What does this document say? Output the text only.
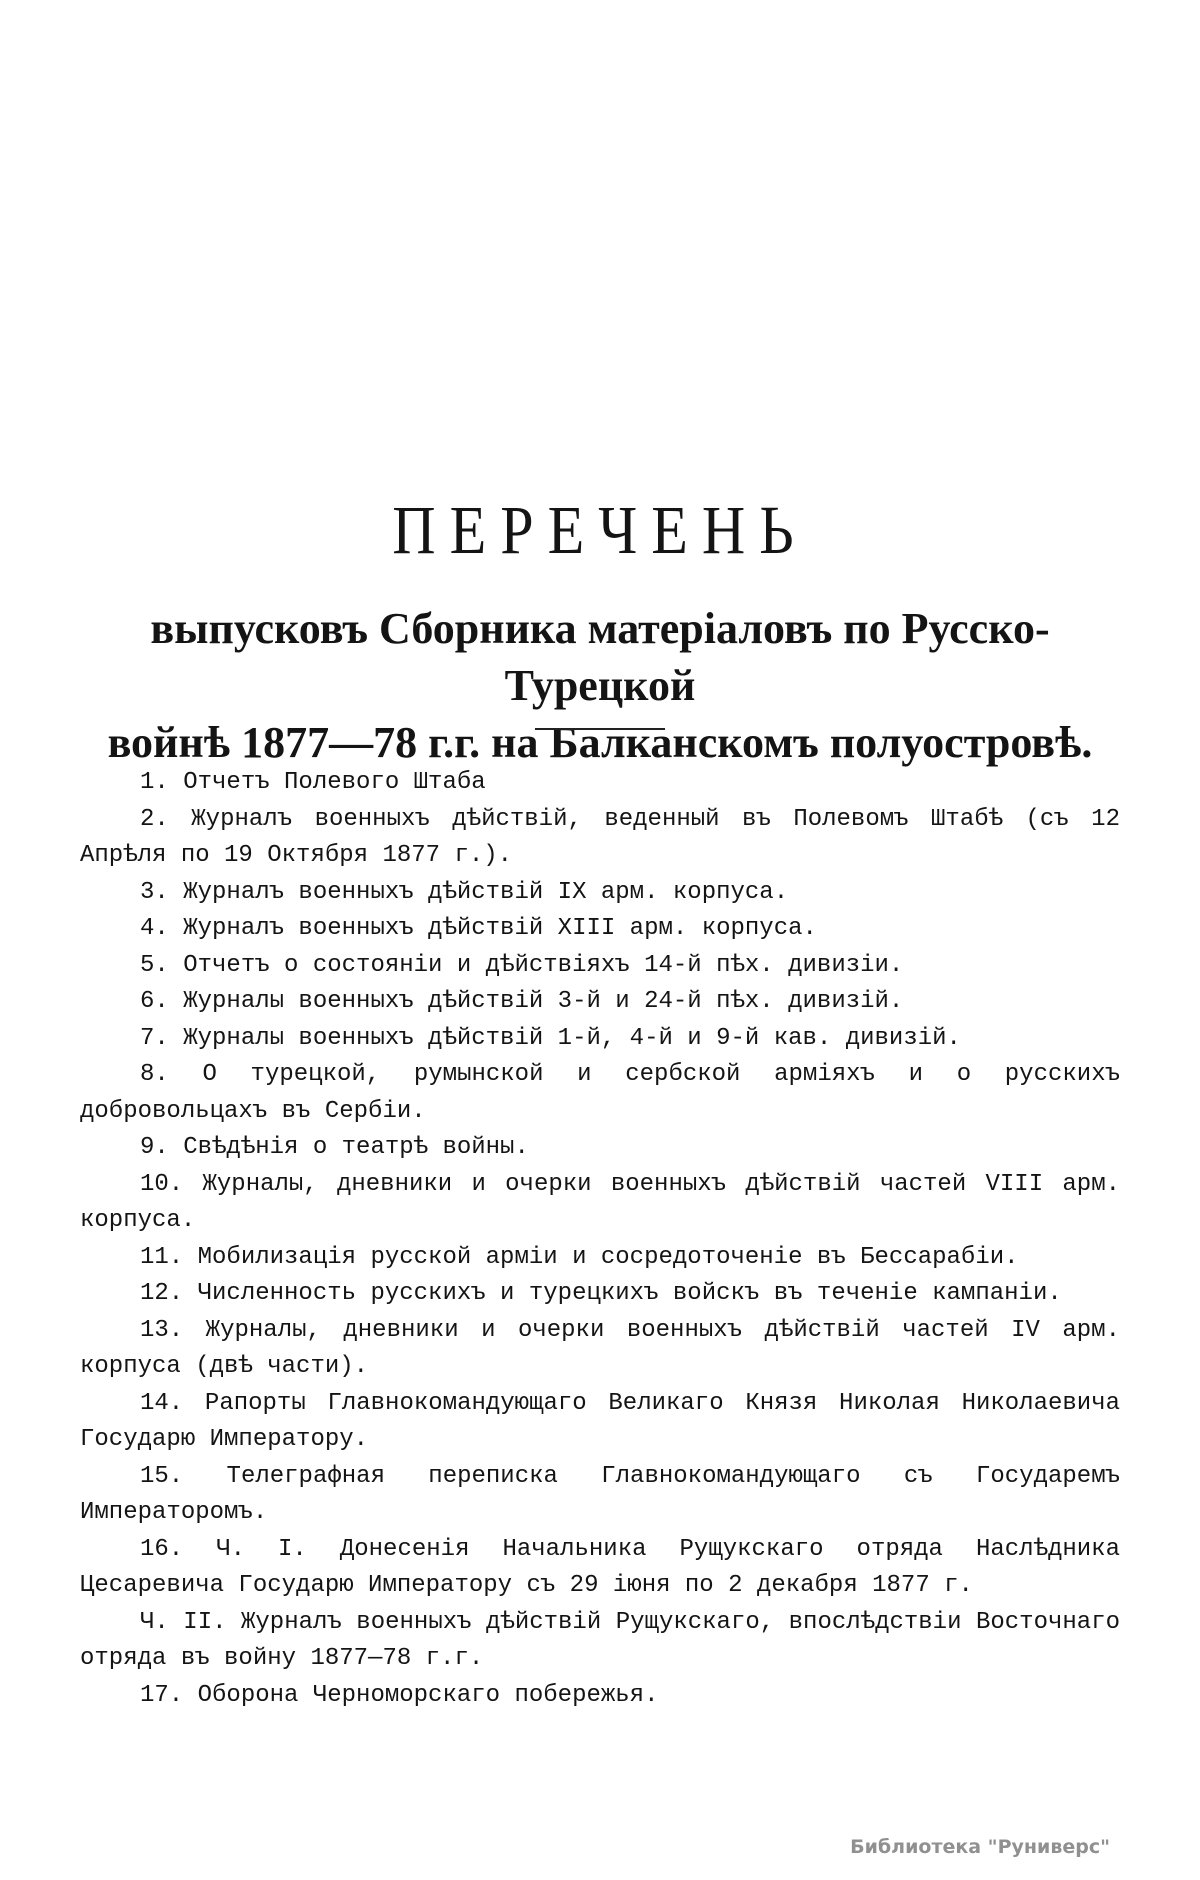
ПЕРЕЧЕНЬ
выпусковъ Сборника матеріаловъ по Русско-Турецкой
войнѣ 1877—78 г.г. на Балканскомъ полуостровѣ.
1. Отчетъ Полевого Штаба
2. Журналъ военныхъ дѣйствій, веденный въ Полевомъ Штабѣ (съ 12 Апрѣля по 19 Октября 1877 г.).
3. Журналъ военныхъ дѣйствій IX арм. корпуса.
4. Журналъ военныхъ дѣйствій XIII арм. корпуса.
5. Отчетъ о состояніи и дѣйствіяхъ 14-й пѣх. дивизіи.
6. Журналы военныхъ дѣйствій 3-й и 24-й пѣх. дивизій.
7. Журналы военныхъ дѣйствій 1-й, 4-й и 9-й кав. дивизій.
8. О турецкой, румынской и сербской арміяхъ и о русскихъ добровольцахъ въ Сербіи.
9. Свѣдѣнія о театрѣ войны.
10. Журналы, дневники и очерки военныхъ дѣйствій частей VIII арм. корпуса.
11. Мобилизація русской арміи и сосредоточеніе въ Бессарабіи.
12. Численность русскихъ и турецкихъ войскъ въ теченіе кампаніи.
13. Журналы, дневники и очерки военныхъ дѣйствій частей IV арм. корпуса (двѣ части).
14. Рапорты Главнокомандующаго Великаго Князя Николая Николаевича Государю Императору.
15. Телеграфная переписка Главнокомандующаго съ Государемъ Императоромъ.
16. Ч. I. Донесенія Начальника Рущукскаго отряда Наслѣдника Цесаревича Государю Императору съ 29 іюня по 2 декабря 1877 г.
Ч. II. Журналъ военныхъ дѣйствій Рущукскаго, впослѣдствіи Восточнаго отряда въ войну 1877—78 г.г.
17. Оборона Черноморскаго побережья.
Библиотека "Руниверс"
